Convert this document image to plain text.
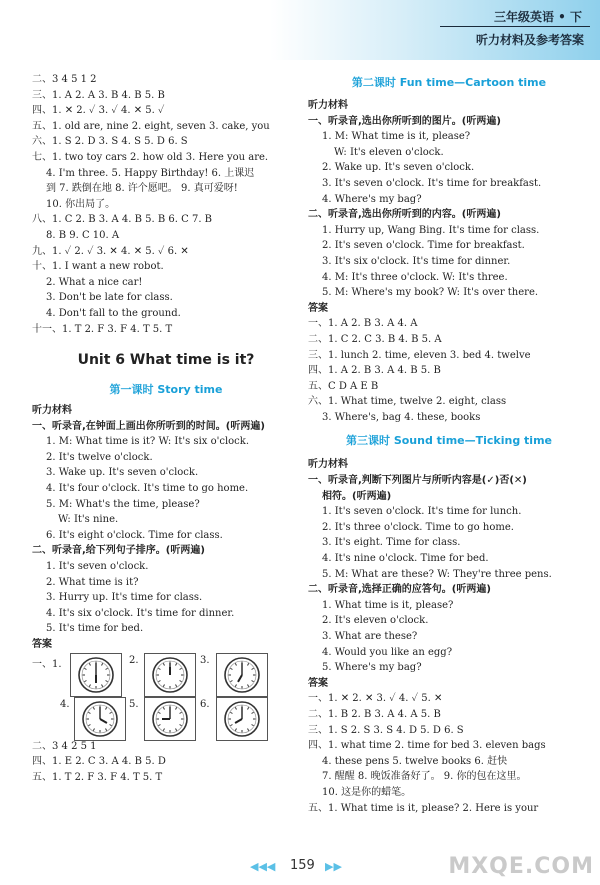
三年级英语 • 下
听力材料及参考答案
二、3 4 5 1 2
三、1. A 2. A 3. B 4. B 5. B
四、1. ✕ 2. ✓ 3. ✓ 4. ✕ 5. ✓
五、1. old are, nine 2. eight, seven 3. cake, you
六、1. S 2. D 3. S 4. S 5. D 6. S
七、1. two toy cars 2. how old 3. Here you are.
4. I'm three. 5. Happy Birthday! 6. 上课迟
到 7. 跌倒在地 8. 许个愿吧。 9. 真可爱呀!
10. 你出局了。
八、1. C 2. B 3. A 4. B 5. B 6. C 7. B
8. B 9. C 10. A
九、1. ✓ 2. ✓ 3. ✕ 4. ✕ 5. ✓ 6. ✕
十、1. I want a new robot.
2. What a nice car!
3. Don't be late for class.
4. Don't fall to the ground.
十一、1. T 2. F 3. F 4. T 5. T
Unit 6 What time is it?
第一课时 Story time
听力材料
一、听录音,在钟面上画出你所听到的时间。(听两遍)
1. M: What time is it? W: It's six o'clock.
2. It's twelve o'clock.
3. Wake up. It's seven o'clock.
4. It's four o'clock. It's time to go home.
5. M: What's the time, please?
W: It's nine.
6. It's eight o'clock. Time for class.
二、听录音,给下列句子排序。(听两遍)
1. It's seven o'clock.
2. What time is it?
3. Hurry up. It's time for class.
4. It's six o'clock. It's time for dinner.
5. It's time for bed.
答案
一、1.	2.	3.
4.	5.	6.
二、3 4 2 5 1
四、1. E 2. C 3. A 4. B 5. D
五、1. T 2. F 3. F 4. T 5. T
第二课时 Fun time—Cartoon time
听力材料
一、听录音,选出你所听到的图片。(听两遍)
1. M: What time is it, please?
W: It's eleven o'clock.
2. Wake up. It's seven o'clock.
3. It's seven o'clock. It's time for breakfast.
4. Where's my bag?
二、听录音,选出你所听到的内容。(听两遍)
1. Hurry up, Wang Bing. It's time for class.
2. It's seven o'clock. Time for breakfast.
3. It's six o'clock. It's time for dinner.
4. M: It's three o'clock. W: It's three.
5. M: Where's my book? W: It's over there.
答案
一、1. A 2. B 3. A 4. A
二、1. C 2. C 3. B 4. B 5. A
三、1. lunch 2. time, eleven 3. bed 4. twelve
四、1. A 2. B 3. A 4. B 5. B
五、C D A E B
六、1. What time, twelve 2. eight, class
3. Where's, bag 4. these, books
第三课时 Sound time—Ticking time
听力材料
一、听录音,判断下列图片与所听内容是(✓)否(✕)
相符。(听两遍)
1. It's seven o'clock. It's time for lunch.
2. It's three o'clock. Time to go home.
3. It's eight. Time for class.
4. It's nine o'clock. Time for bed.
5. M: What are these? W: They're three pens.
二、听录音,选择正确的应答句。(听两遍)
1. What time is it, please?
2. It's eleven o'clock.
3. What are these?
4. Would you like an egg?
5. Where's my bag?
答案
一、1. ✕ 2. ✕ 3. ✓ 4. ✓ 5. ✕
二、1. B 2. B 3. A 4. A 5. B
三、1. S 2. S 3. S 4. D 5. D 6. S
四、1. what time 2. time for bed 3. eleven bags
4. these pens 5. twelve books 6. 赶快
7. 醒醒 8. 晚饭准备好了。 9. 你的包在这里。
10. 这是你的蜡笔。
五、1. What time is it, please? 2. Here is your
◀◀◀ 159 ▶▶	MXQE.COM
